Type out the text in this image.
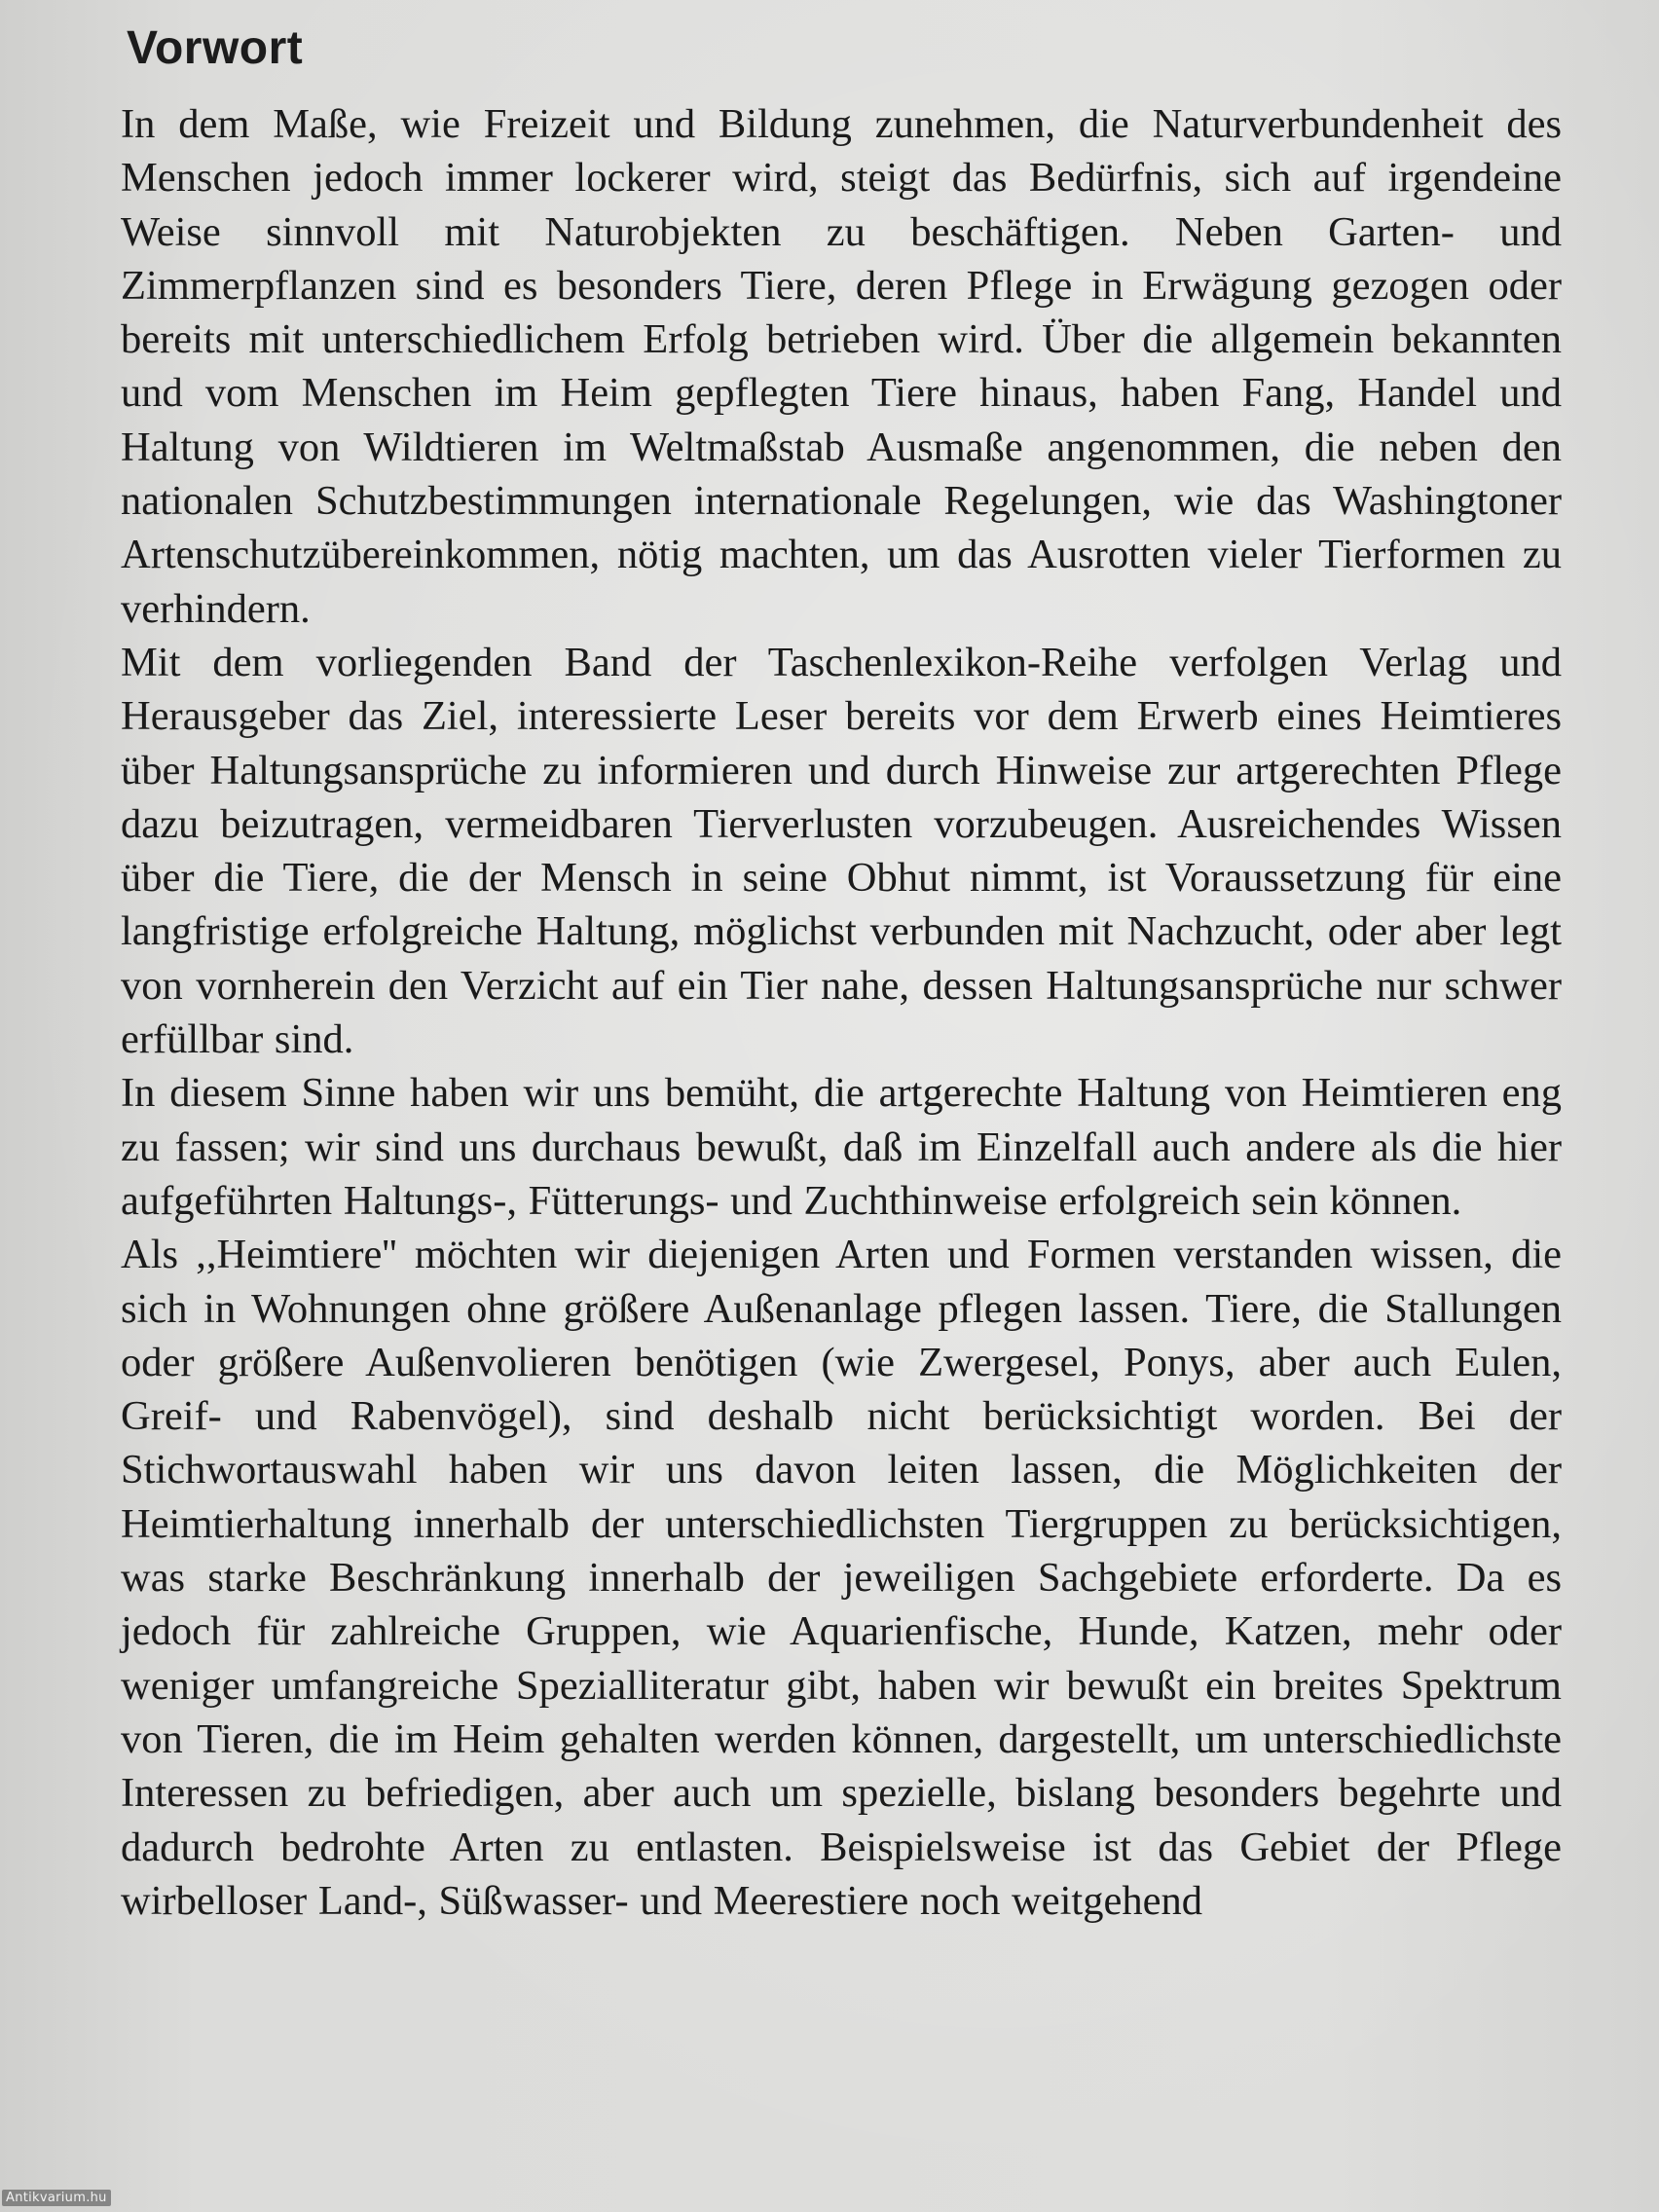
Vorwort

In dem Maße, wie Freizeit und Bildung zunehmen, die Naturverbundenheit des Menschen jedoch immer lockerer wird, steigt das Bedürfnis, sich auf irgendeine Weise sinnvoll mit Naturobjekten zu beschäftigen. Neben Garten- und Zimmerpflanzen sind es besonders Tiere, deren Pflege in Erwägung gezogen oder bereits mit unterschiedlichem Erfolg betrieben wird. Über die allgemein bekannten und vom Menschen im Heim gepflegten Tiere hinaus, haben Fang, Handel und Haltung von Wildtieren im Weltmaßstab Ausmaße angenommen, die neben den nationalen Schutzbestimmungen internationale Regelungen, wie das Washingtoner Artenschutzübereinkommen, nötig machten, um das Ausrotten vieler Tierformen zu verhindern.

Mit dem vorliegenden Band der Taschenlexikon-Reihe verfolgen Verlag und Herausgeber das Ziel, interessierte Leser bereits vor dem Erwerb eines Heimtieres über Haltungsansprüche zu informieren und durch Hinweise zur artgerechten Pflege dazu beizutragen, vermeidbaren Tierverlusten vorzubeugen. Ausreichendes Wissen über die Tiere, die der Mensch in seine Obhut nimmt, ist Voraussetzung für eine langfristige erfolgreiche Haltung, möglichst verbunden mit Nachzucht, oder aber legt von vornherein den Verzicht auf ein Tier nahe, dessen Haltungsansprüche nur schwer erfüllbar sind.

In diesem Sinne haben wir uns bemüht, die artgerechte Haltung von Heimtieren eng zu fassen; wir sind uns durchaus bewußt, daß im Einzelfall auch andere als die hier aufgeführten Haltungs-, Fütterungs- und Zuchthinweise erfolgreich sein können.

Als ,,Heimtiere'' möchten wir diejenigen Arten und Formen verstanden wissen, die sich in Wohnungen ohne größere Außenanlage pflegen lassen. Tiere, die Stallungen oder größere Außenvolieren benötigen (wie Zwergesel, Ponys, aber auch Eulen, Greif- und Rabenvögel), sind deshalb nicht berücksichtigt worden. Bei der Stichwortauswahl haben wir uns davon leiten lassen, die Möglichkeiten der Heimtierhaltung innerhalb der unterschiedlichsten Tiergruppen zu berücksichtigen, was starke Beschränkung innerhalb der jeweiligen Sachgebiete erforderte. Da es jedoch für zahlreiche Gruppen, wie Aquarienfische, Hunde, Katzen, mehr oder weniger umfangreiche Spezialliteratur gibt, haben wir bewußt ein breites Spektrum von Tieren, die im Heim gehalten werden können, dargestellt, um unterschiedlichste Interessen zu befriedigen, aber auch um spezielle, bislang besonders begehrte und dadurch bedrohte Arten zu entlasten. Beispielsweise ist das Gebiet der Pflege wirbelloser Land-, Süßwasser- und Meerestiere noch weitgehend

Antikvarium.hu
